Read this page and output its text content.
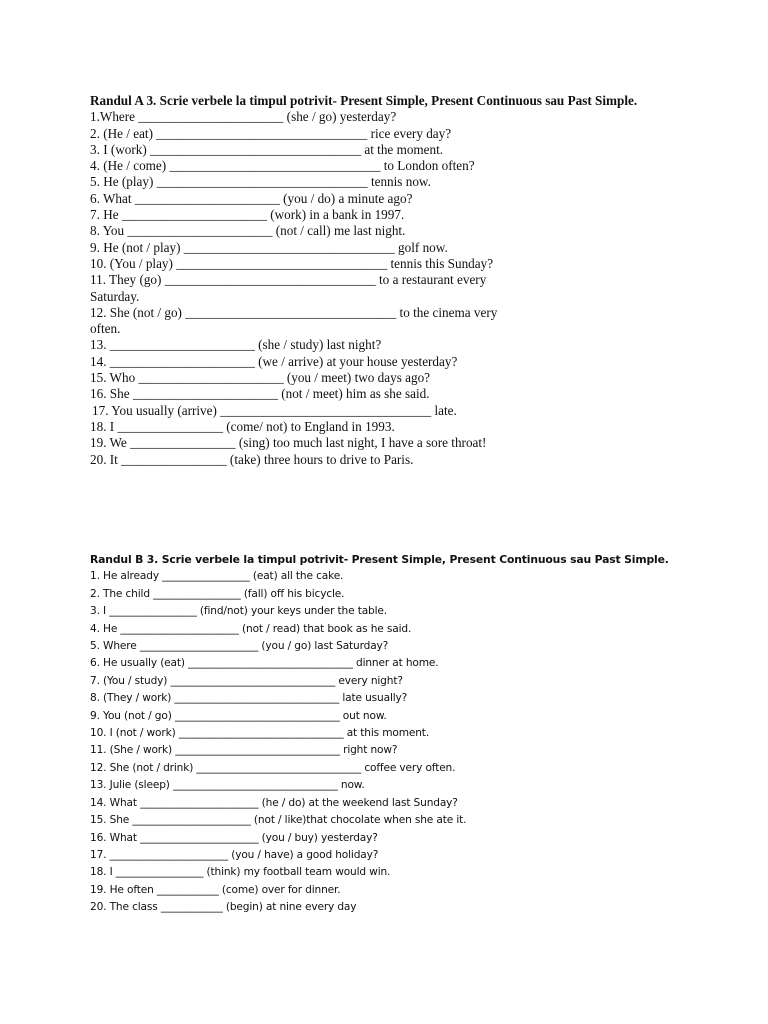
Randul A 3. Scrie verbele la timpul potrivit- Present Simple, Present Continuous sau Past Simple.

1.Where ______________________ (she / go) yesterday?
2. (He / eat) ________________________________ rice every day?
3. I (work) ________________________________ at the moment.
4. (He / come) ________________________________ to London often?
5. He (play) ________________________________ tennis now.
6. What ______________________ (you / do) a minute ago?
7. He ______________________ (work) in a bank in 1997.
8. You ______________________ (not / call) me last night.
9. He (not / play) ________________________________ golf now.
10. (You / play) ________________________________ tennis this Sunday?
11. They (go) ________________________________ to a restaurant every Saturday.
12. She (not / go) ________________________________ to the cinema very often.
13. ______________________ (she / study) last night?
14. ______________________ (we / arrive) at your house yesterday?
15. Who ______________________ (you / meet) two days ago?
16. She ______________________ (not / meet) him as she said.
17. You usually (arrive) ________________________________ late.
18. I ________________ (come/ not) to England in 1993.
19. We ________________ (sing) too much last night, I have a sore throat!
20. It ________________ (take) three hours to drive to Paris.

Randul B 3. Scrie verbele la timpul potrivit- Present Simple, Present Continuous sau Past Simple.

1. He already _________________ (eat) all the cake.
2. The child _________________ (fall) off his bicycle.
3. I _________________ (find/not) your keys under the table.
4. He _______________________ (not / read) that book as he said.
5. Where _______________________ (you / go) last Saturday?
6. He usually (eat) ________________________________ dinner at home.
7. (You / study) ________________________________ every night?
8. (They / work) ________________________________ late usually?
9. You (not / go) ________________________________ out now.
10. I (not / work) ________________________________ at this moment.
11. (She / work) ________________________________ right now?
12. She (not / drink) ________________________________ coffee very often.
13. Julie (sleep) ________________________________ now.
14. What _______________________ (he / do) at the weekend last Sunday?
15. She _______________________ (not / like)that chocolate when she ate it.
16. What _______________________ (you / buy) yesterday?
17. _______________________ (you / have) a good holiday?
18. I _________________ (think) my football team would win.
19. He often ____________ (come) over for dinner.
20. The class ____________ (begin) at nine every day
